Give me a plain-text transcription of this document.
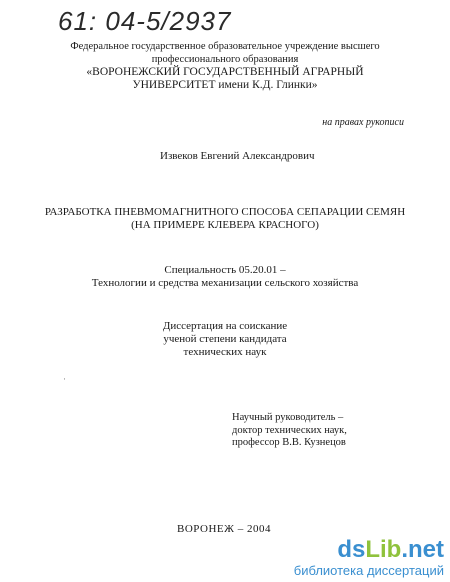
61: 04-5/2937
Федеральное государственное образовательное учреждение высшего
профессионального образования
«ВОРОНЕЖСКИЙ ГОСУДАРСТВЕННЫЙ АГРАРНЫЙ
УНИВЕРСИТЕТ имени К.Д. Глинки»
на правах рукописи
Извеков Евгений Александрович
РАЗРАБОТКА ПНЕВМОМАГНИТНОГО СПОСОБА СЕПАРАЦИИ СЕМЯН
(НА ПРИМЕРЕ КЛЕВЕРА КРАСНОГО)
Специальность 05.20.01 –
Технологии и средства механизации сельского хозяйства
Диссертация на соискание
ученой степени кандидата
технических наук
·
Научный руководитель –
доктор технических наук,
профессор В.В. Кузнецов
ВОРОНЕЖ – 2004
dsLib.net
библиотека диссертаций
